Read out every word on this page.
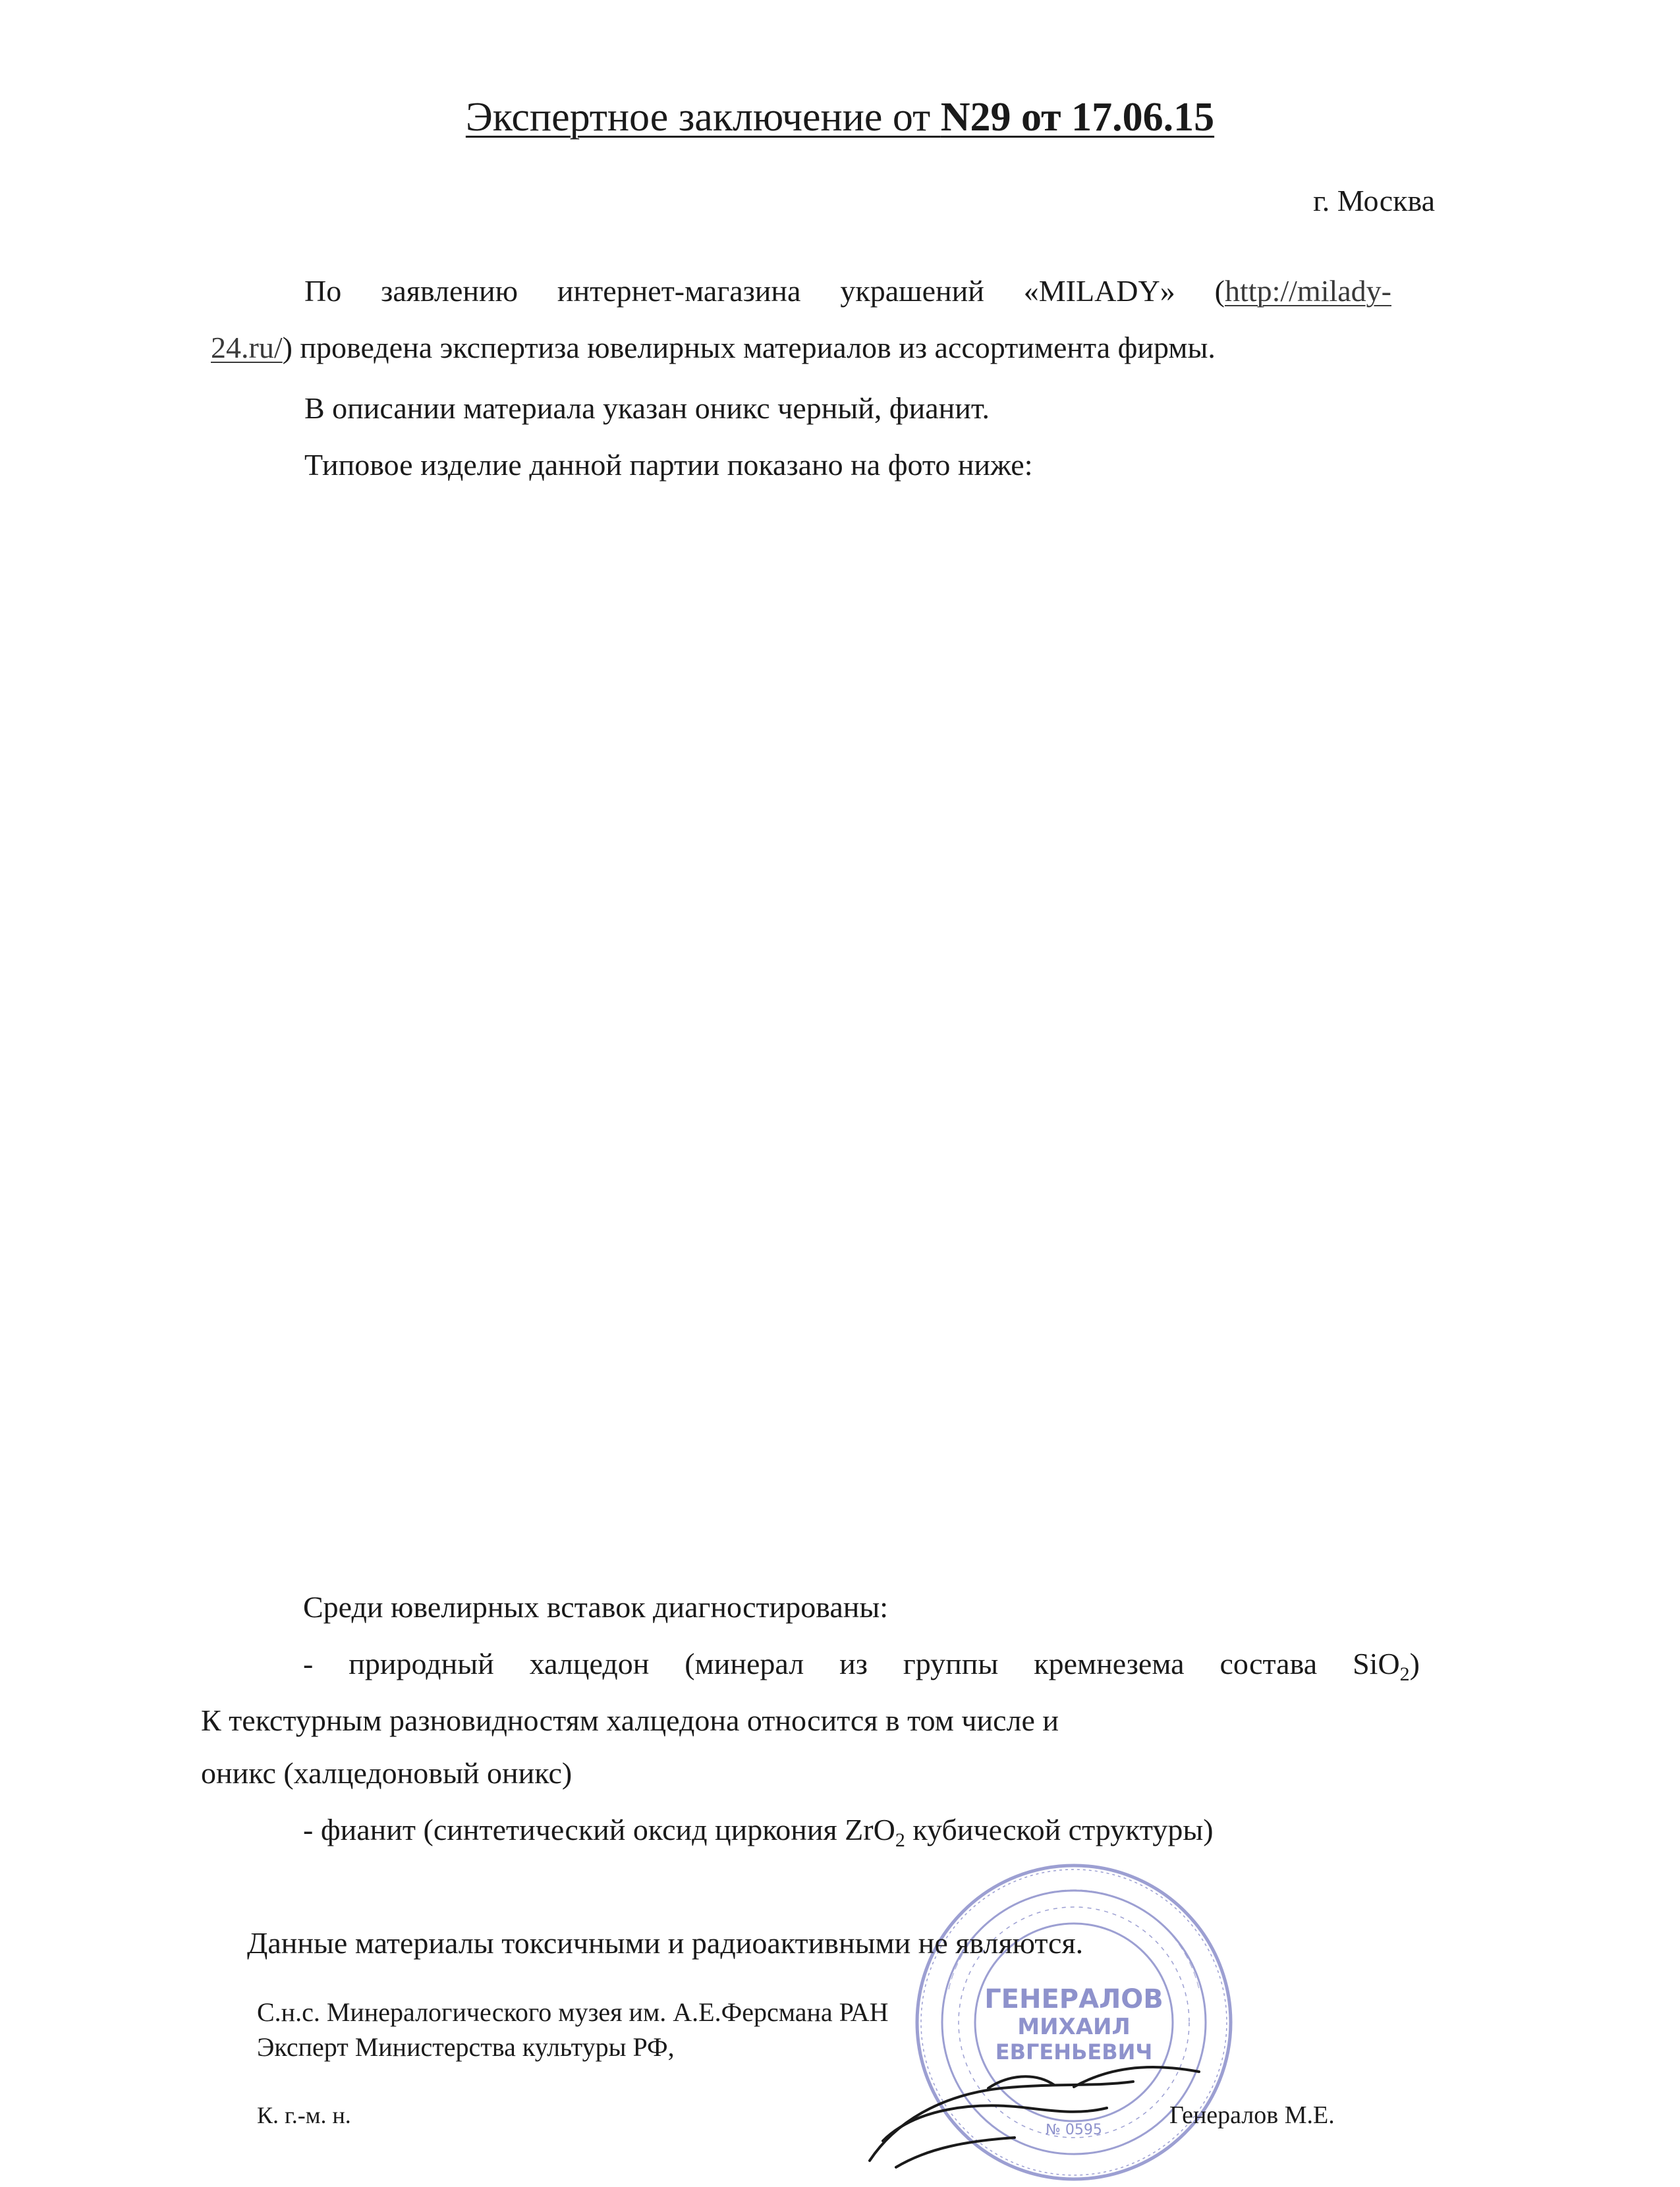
Экспертное заключение от N29 от 17.06.15
г. Москва
По заявлению интернет-магазина украшений «MILADY» (http://milady-
24.ru/) проведена экспертиза ювелирных материалов из ассортимента фирмы.
В описании материала указан оникс черный, фианит.
Типовое изделие данной партии показано на фото ниже:
Среди ювелирных вставок диагностированы:
- природный халцедон (минерал из группы кремнезема состава SiO$_2$)
К текстурным разновидностям халцедона относится в том числе и
оникс (халцедоновый оникс)
- фианит (синтетический оксид циркония ZrO$_2$ кубической структуры)
ГЕНЕРАЛОВ
МИХАИЛ
ЕВГЕНЬЕВИЧ
№ 0595
Данные материалы токсичными и радиоактивными не являются.
С.н.с. Минералогического музея им. А.Е.Ферсмана РАН
Эксперт Министерства культуры РФ,
К. г.-м. н.	Генералов М.Е.
